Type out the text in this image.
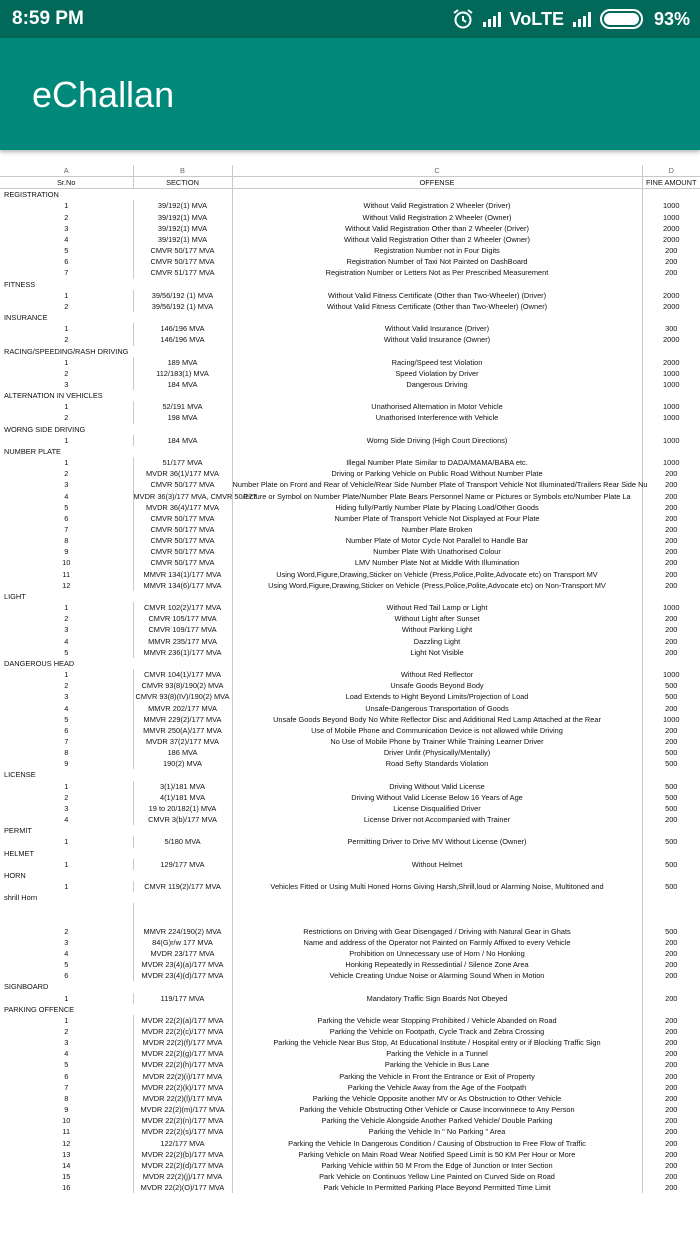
8:59 PM	VoLTE	93%
eChallan
A	B	C	D
Sr.No	SECTION	OFFENSE	FINE AMOUNT
REGISTRATION			
1	39/192(1) MVA	Without Valid Registration 2 Wheeler (Driver)	1000
2	39/192(1) MVA	Without Valid Registration 2 Wheeler (Owner)	1000
3	39/192(1) MVA	Without Valid Registration Other than 2 Wheeler (Driver)	2000
4	39/192(1) MVA	Without Valid Registration Other than 2 Wheeler (Owner)	2000
5	CMVR 50/177 MVA	Registration Number not in Four Digits	200
6	CMVR 50/177 MVA	Registration Number of Taxi Not Painted on DashBoard	200
7	CMVR 51/177 MVA	Registration Number or Letters Not as Per Prescribed Measurement	200
FITNESS			
1	39/56/192 (1) MVA	Without Valid Fitness Certificate (Other than Two-Wheeler) (Driver)	2000
2	39/56/192 (1) MVA	Without Valid Fitness Certificate (Other than Two-Wheeler) (Owner)	2000
INSURANCE			
1	146/196 MVA	Without Valid Insurance (Driver)	300
2	146/196 MVA	Without Valid Insurance (Owner)	2000
RACING/SPEEDING/RASH DRIVING			
1	189 MVA	Racing/Speed test Violation	2000
2	112/183(1) MVA	Speed Violation by Driver	1000
3	184 MVA	Dangerous Driving	1000
ALTERNATION IN VEHICLES			
1	52/191 MVA	Unathorised Alternation in Motor Vehicle	1000
2	198 MVA	Unathorised Interference with Vehicle	1000
WORNG SIDE DRIVING			
1	184 MVA	Worng Side Driving (High Court Directions)	1000
NUMBER PLATE			
1	51/177 MVA	Illegal Number Plate Similar to DADA/MAMA/BABA etc.	1000
2	MVDR 36(1)/177 MVA	Driving or Parking Vehicle on Public Road Without Number Plate	200
3	CMVR 50/177 MVA	Number Plate on Front and Rear of Vehicle/Rear Side Number Plate of Transport Vehicle Not Illuminated/Trailers Rear Side Nu	200
4	MVDR 36(3)/177 MVA, CMVR 50/177	Picture or Symbol on Number Plate/Number Plate Bears Personnel Name or Pictures or Symbols etc/Number Plate La	200
5	MVDR 36(4)/177 MVA	Hiding fully/Partly Number Plate by Placing Load/Other Goods	200
6	CMVR 50/177 MVA	Number Plate of Transport Vehicle Not Displayed at Four Plate	200
7	CMVR 50/177 MVA	Number Plate Broken	200
8	CMVR 50/177 MVA	Number Plate of Motor Cycle Not Parallel to Handle Bar	200
9	CMVR 50/177 MVA	Number Plate With Unathorised Colour	200
10	CMVR 50/177 MVA	LMV Number Plate Not at Middle With Illumination	200
11	MMVR 134(1)/177 MVA	Using Word,Figure,Drawing,Sticker on Vehicle (Press,Police,Polite,Advocate etc) on Transport MV	200
12	MMVR 134(6)/177 MVA	Using Word,Figure,Drawing,Sticker on Vehicle (Press,Police,Polite,Advocate etc) on Non-Transport MV	200
LIGHT			
1	CMVR 102(2)/177 MVA	Without Red Tail Lamp or Light	1000
2	CMVR 105/177 MVA	Without Light after Sunset	200
3	CMVR 109/177 MVA	Without Parking Light	200
4	MMVR 235/177 MVA	Dazzling Light	200
5	MMVR 236(1)/177 MVA	Light Not Visible	200
DANGEROUS HEAD			
1	CMVR 104(1)/177 MVA	Without Red Reflector	1000
2	CMVR 93(8)/190(2) MVA	Unsafe Goods Beyond Body	500
3	CMVR 93(8)(IV)/190(2) MVA	Load Extends to Hight Beyond Limits/Projection of Load	500
4	MMVR 202/177 MVA	Unsafe-Dangerous Transportation of Goods	200
5	MMVR 229(2)/177 MVA	Unsafe Goods Beyond Body No White Reflector Disc and Additional Red Lamp Attached at the Rear	1000
6	MMVR 250(A)/177 MVA	Use of Mobile Phone and Communication Device is not allowed while Driving	200
7	MVDR 37(2)/177 MVA	No Use of Mobile Phone by Trainer While Training Learner Driver	200
8	186 MVA	Driver Unfit (Physically/Mentally)	500
9	190(2) MVA	Road Sefty Standards Violation	500
LICENSE			
1	3(1)/181 MVA	Driving Without Valid License	500
2	4(1)/181 MVA	Driving Without Valid License Below 16 Years of Age	500
3	19 to 20/182(1) MVA	License Disqualified Driver	500
4	CMVR 3(b)/177 MVA	License Driver not Accompanied with Trainer	200
PERMIT			
1	5/180 MVA	Permitting Driver to Drive MV Without License (Owner)	500
HELMET			
1	129/177 MVA	Without Helmet	500
HORN			
1	CMVR 119(2)/177 MVA	Vehicles Fitted or Using Multi Honed Horns Giving Harsh,Shrill,loud or Alarming Noise, Multitoned and	500
shrill Horn			

2	MMVR 224/190(2) MVA	Restrictions on Driving with Gear Disengaged / Driving with Natural Gear in Ghats	500
3	84(G)r/w 177 MVA	Name and address of the Operator not Painted on Farmly Affixed to every Vehicle	200
4	MVDR 23/177 MVA	Prohibition on Unnecessary use of Horn / No Honking	200
5	MVDR 23(4)(a)/177 MVA	Honking Repeatedly in Ressedintial / Silence Zone Area	200
6	MVDR 23(4)(d)/177 MVA	Vehicle Creating Undue Noise or Alarming Sound When in Motion	200
SIGNBOARD			
1	119/177 MVA	Mandatory Traffic Sign Boards Not Obeyed	200
PARKING OFFENCE			
1	MVDR 22(2)(a)/177 MVA	Parking the Vehicle wear Stopping Prohibited / Vehicle Abanded on Road	200
2	MVDR 22(2)(c)/177 MVA	Parking the Vehicle on Footpath, Cycle Track and Zebra Crossing	200
3	MVDR 22(2)(f)/177 MVA	Parking the Vehicle Near Bus Stop, At Educational Institute / Hospital entry or if Blocking Traffic Sign	200
4	MVDR 22(2)(g)/177 MVA	Parking the Vehicle in a Tunnel	200
5	MVDR 22(2)(h)/177 MVA	Parking the Vehicle in Bus Lane	200
6	MVDR 22(2)(i)/177 MVA	Parking the Vehicle in Front the Entrance or Exit of Property	200
7	MVDR 22(2)(k)/177 MVA	Parking the Vehicle Away from the Age of the Footpath	200
8	MVDR 22(2)(l)/177 MVA	Parking the Vehicle Opposite another MV or As Obstruction to Other Vehicle	200
9	MVDR 22(2)(m)/177 MVA	Parking the Vehicle Obstructing Other Vehicle or Cause Inconvinnece to Any Person	200
10	MVDR 22(2)(n)/177 MVA	Parking the Vehicle Alongside Another Parked Vehicle/ Double Parking	200
11	MVDR 22(2)(s)/177 MVA	Parking the Vehicle In " No Parking " Area	200
12	122/177 MVA	Parking the Vehicle In Dangerous Condition / Causing of Obstruction to Free Flow of Traffic	200
13	MVDR 22(2)(b)/177 MVA	Parking Vehicle on Main Road Wear Notified Speed Limit is 50 KM Per Hour or More	200
14	MVDR 22(2)(d)/177 MVA	Parking Vehicle within 50 M From the Edge of Junction or Inter Section	200
15	MVDR 22(2)(j)/177 MVA	Park Vehicle on Continuos Yellow Line Painted on Curved Side on Road	200
16	MVDR 22(2)(O)/177 MVA	Park Vehicle In Permitted Parking Place Beyond Permitted Time Limit	200
